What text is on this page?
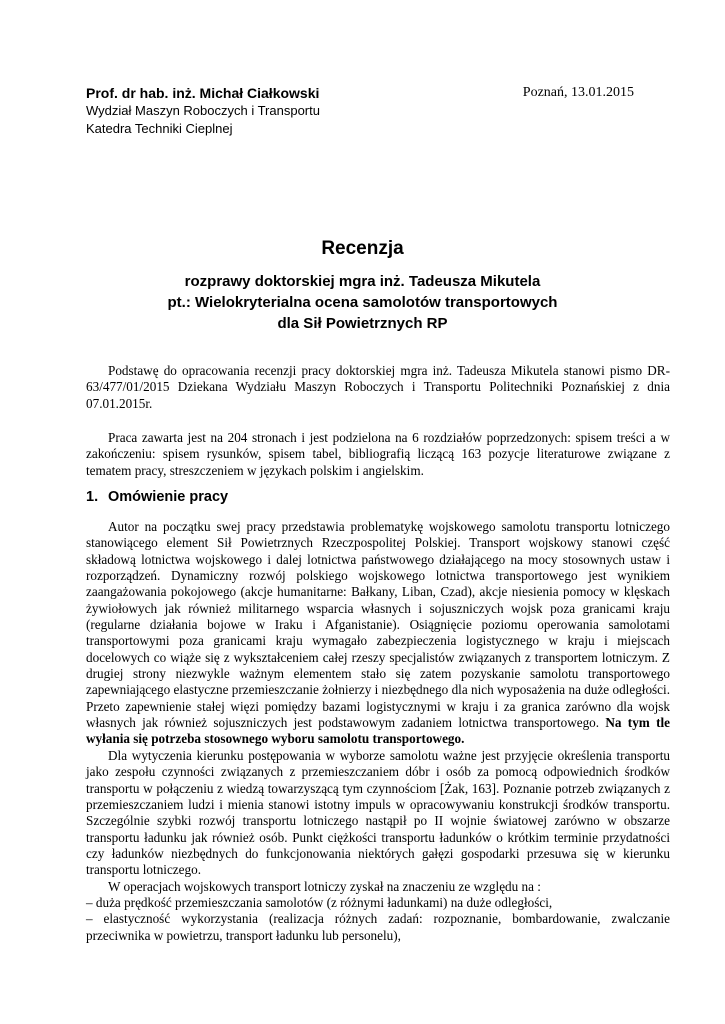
Prof. dr hab. inż. Michał Ciałkowski
Wydział Maszyn Roboczych i Transportu
Katedra Techniki Cieplnej
Poznań, 13.01.2015
Recenzja
rozprawy doktorskiej mgra inż. Tadeusza Mikutela
pt.: Wielokryterialna ocena samolotów transportowych
dla Sił Powietrznych RP

Podstawę do opracowania recenzji pracy doktorskiej mgra inż. Tadeusza Mikutela stanowi pismo DR-63/477/01/2015 Dziekana Wydziału Maszyn Roboczych i Transportu Politechniki Poznańskiej z dnia 07.01.2015r.

Praca zawarta jest na 204 stronach i jest podzielona na 6 rozdziałów poprzedzonych: spisem treści a w zakończeniu: spisem rysunków, spisem tabel, bibliografią liczącą 163 pozycje literaturowe związane z tematem pracy, streszczeniem w językach polskim i angielskim.

1. Omówienie pracy

Autor na początku swej pracy przedstawia problematykę wojskowego samolotu transportu lotniczego stanowiącego element Sił Powietrznych Rzeczpospolitej Polskiej. Transport wojskowy stanowi część składową lotnictwa wojskowego i dalej lotnictwa państwowego działającego na mocy stosownych ustaw i rozporządzeń. Dynamiczny rozwój polskiego wojskowego lotnictwa transportowego jest wynikiem zaangażowania pokojowego (akcje humanitarne: Bałkany, Liban, Czad), akcje niesienia pomocy w klęskach żywiołowych jak również militarnego wsparcia własnych i sojuszniczych wojsk poza granicami kraju (regularne działania bojowe w Iraku i Afganistanie). Osiągnięcie poziomu operowania samolotami transportowymi poza granicami kraju wymagało zabezpieczenia logistycznego w kraju i miejscach docelowych co wiąże się z wykształceniem całej rzeszy specjalistów związanych z transportem lotniczym. Z drugiej strony niezwykle ważnym elementem stało się zatem pozyskanie samolotu transportowego zapewniającego elastyczne przemieszczanie żołnierzy i niezbędnego dla nich wyposażenia na duże odległości. Przeto zapewnienie stałej więzi pomiędzy bazami logistycznymi w kraju i za granica zarówno dla wojsk własnych jak również sojuszniczych jest podstawowym zadaniem lotnictwa transportowego. Na tym tle wyłania się potrzeba stosownego wyboru samolotu transportowego.

Dla wytyczenia kierunku postępowania w wyborze samolotu ważne jest przyjęcie określenia transportu jako zespołu czynności związanych z przemieszczaniem dóbr i osób za pomocą odpowiednich środków transportu w połączeniu z wiedzą towarzyszącą tym czynnościom [Żak, 163]. Poznanie potrzeb związanych z przemieszczaniem ludzi i mienia stanowi istotny impuls w opracowywaniu konstrukcji środków transportu. Szczególnie szybki rozwój transportu lotniczego nastąpił po II wojnie światowej zarówno w obszarze transportu ładunku jak również osób. Punkt ciężkości transportu ładunków o krótkim terminie przydatności czy ładunków niezbędnych do funkcjonowania niektórych gałęzi gospodarki przesuwa się w kierunku transportu lotniczego.

W operacjach wojskowych transport lotniczy zyskał na znaczeniu ze względu na :

– duża prędkość przemieszczania samolotów (z różnymi ładunkami) na duże odległości,

– elastyczność wykorzystania (realizacja różnych zadań: rozpoznanie, bombardowanie, zwalczanie przeciwnika w powietrzu, transport ładunku lub personelu),
